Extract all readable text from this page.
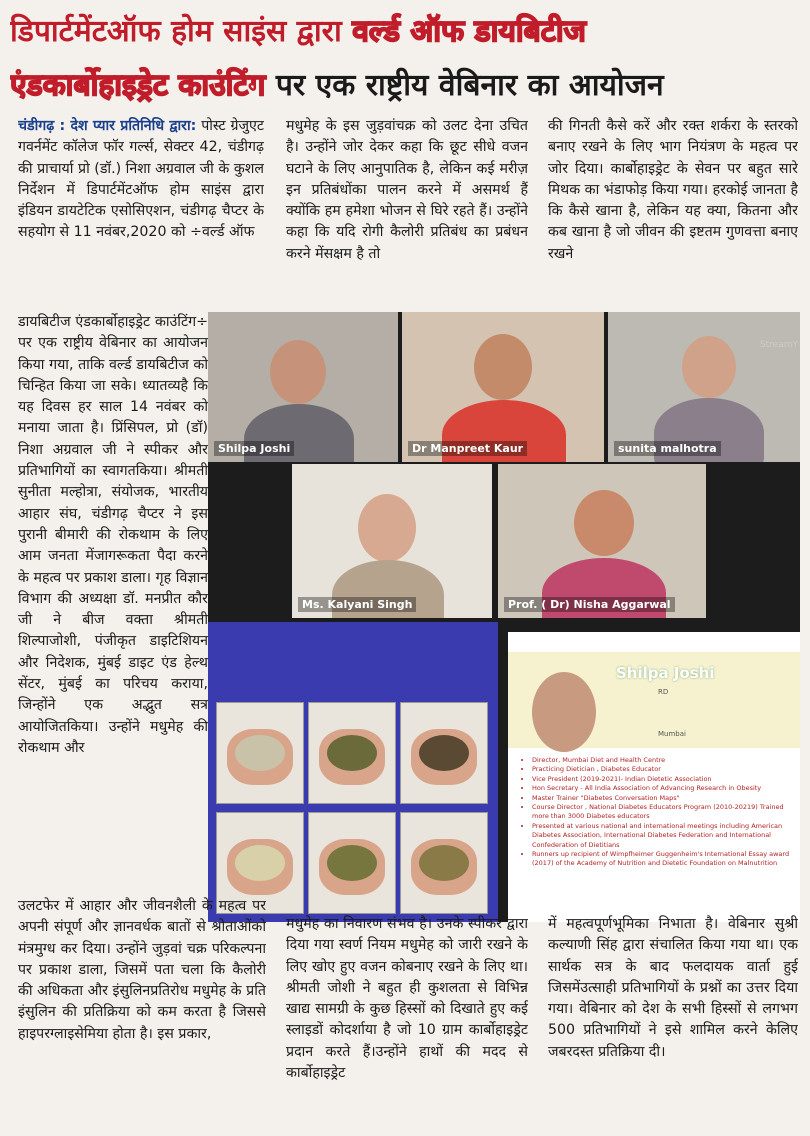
डिपार्टमेंटऑफ होम साइंस द्वारा वर्ल्ड ऑफ डायबिटीज
एंडकार्बोहाइड्रेट काउंटिंग पर एक राष्ट्रीय वेबिनार का आयोजन
चंडीगढ़ : देश प्यार प्रतिनिधि द्वारा: पोस्ट ग्रेजुएट गवर्नमेंट कॉलेज फॉर गर्ल्स, सेक्टर 42, चंडीगढ़ की प्राचार्या प्रो (डॉ.) निशा अग्रवाल जी के कुशल निर्देशन में डिपार्टमेंटऑफ होम साइंस द्वारा इंडियन डायटेटिक एसोसिएशन, चंडीगढ़ चैप्टर के सहयोग से 11 नवंबर,2020 को ÷वर्ल्ड ऑफ
डायबिटीज एंडकार्बोहाइड्रेट काउंटिंग÷ पर एक राष्ट्रीय वेबिनार का आयोजन किया गया, ताकि वर्ल्ड डायबिटीज को चिन्हित किया जा सके। ध्यातव्यहै कि यह दिवस हर साल 14 नवंबर को मनाया जाता है। प्रिंसिपल, प्रो (डॉ) निशा अग्रवाल जी ने स्पीकर और प्रतिभागियों का स्वागतकिया। श्रीमती सुनीता मल्होत्रा, संयोजक, भारतीय आहार संघ, चंडीगढ़ चैप्टर ने इस पुरानी बीमारी की रोकथाम के लिए आम जनता मेंजागरूकता पैदा करने के महत्व पर प्रकाश डाला। गृह विज्ञान विभाग की अध्यक्षा डॉ. मनप्रीत कौर जी ने बीज वक्ता श्रीमती शिल्पाजोशी, पंजीकृत डाइटिशियन और निदेशक, मुंबई डाइट एंड हेल्थ सेंटर, मुंबई का परिचय कराया, जिन्होंने एक अद्भुत सत्र आयोजितकिया। उन्होंने मधुमेह की रोकथाम और
मधुमेह के इस जुड़वांचक्र को उलट देना उचित है। उन्होंने जोर देकर कहा कि छूट सीधे वजन घटाने के लिए आनुपातिक है, लेकिन कई मरीज़ इन प्रतिबंधोंका पालन करने में असमर्थ हैं क्योंकि हम हमेशा भोजन से घिरे रहते हैं। उन्होंने कहा कि यदि रोगी कैलोरी प्रतिबंध का प्रबंधन करने मेंसक्षम है तो
की गिनती कैसे करें और रक्त शर्करा के स्तरको बनाए रखने के लिए भाग नियंत्रण के महत्व पर जोर दिया। कार्बोहाइड्रेट के सेवन पर बहुत सारे मिथक का भंडाफोड़ किया गया। हरकोई जानता है कि कैसे खाना है, लेकिन यह क्या, कितना और कब खाना है जो जीवन की इष्टतम गुणवत्ता बनाए रखने
Shilpa Joshi	Dr Manpreet Kaur
StreamY
sunita malhotra
Ms. Kalyani Singh	Prof. ( Dr) Nisha Aggarwal
Shilpa Joshi
RD
Mumbai
• Director, Mumbai Diet and Health Centre
• Practicing Dietician , Diabetes Educator
• Vice President (2019-2021)- Indian Dietetic Association
• Hon Secretary - All India Association of Advancing Research in Obesity
• Master Trainer "Diabetes Conversation Maps"
• Course Director , National Diabetes Educators Program (2010-20219) Trained more than 3000 Diabetes educators
• Presented at various national and international meetings including American Diabetes Association, International Diabetes Federation and International Confederation of Dietitians
• Runners up recipient of Wimpfheimer Guggenheim's International Essay award (2017) of the Academy of Nutrition and Dietetic Foundation on Malnutrition
उलटफेर में आहार और जीवनशैली के महत्व पर अपनी संपूर्ण और ज्ञानवर्धक बातों से श्रोताओंको मंत्रमुग्ध कर दिया। उन्होंने जुड़वां चक्र परिकल्पना पर प्रकाश डाला, जिसमें पता चला कि कैलोरी की अधिकता और इंसुलिनप्रतिरोध मधुमेह के प्रति इंसुलिन की प्रतिक्रिया को कम करता है जिससे हाइपरग्लाइसेमिया होता है। इस प्रकार,
मधुमेह का निवारण संभव है। उनके स्पीकर द्वारा दिया गया स्वर्ण नियम मधुमेह को जारी रखने के लिए खोए हुए वजन कोबनाए रखने के लिए था। श्रीमती जोशी ने बहुत ही कुशलता से विभिन्न खाद्य सामग्री के कुछ हिस्सों को दिखाते हुए कई स्लाइडों कोदर्शाया है जो 10 ग्राम कार्बोहाइड्रेट प्रदान करते हैं।उन्होंने हाथों की मदद से कार्बोहाइड्रेट
में महत्वपूर्णभूमिका निभाता है। वेबिनार सुश्री कल्याणी सिंह द्वारा संचालित किया गया था। एक सार्थक सत्र के बाद फलदायक वार्ता हुई जिसमेंउत्साही प्रतिभागियों के प्रश्नों का उत्तर दिया गया। वेबिनार को देश के सभी हिस्सों से लगभग 500 प्रतिभागियों ने इसे शामिल करने केलिए जबरदस्त प्रतिक्रिया दी।
